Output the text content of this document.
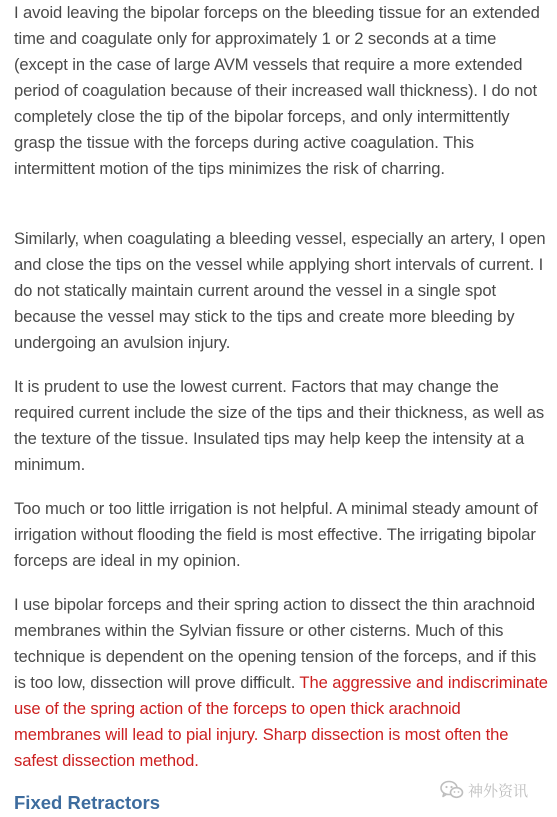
I avoid leaving the bipolar forceps on the bleeding tissue for an extended time and coagulate only for approximately 1 or 2 seconds at a time (except in the case of large AVM vessels that require a more extended period of coagulation because of their increased wall thickness). I do not completely close the tip of the bipolar forceps, and only intermittently grasp the tissue with the forceps during active coagulation. This intermittent motion of the tips minimizes the risk of charring.

Similarly, when coagulating a bleeding vessel, especially an artery, I open and close the tips on the vessel while applying short intervals of current. I do not statically maintain current around the vessel in a single spot because the vessel may stick to the tips and create more bleeding by undergoing an avulsion injury.

It is prudent to use the lowest current. Factors that may change the required current include the size of the tips and their thickness, as well as the texture of the tissue. Insulated tips may help keep the intensity at a minimum.

Too much or too little irrigation is not helpful. A minimal steady amount of irrigation without flooding the field is most effective. The irrigating bipolar forceps are ideal in my opinion.

I use bipolar forceps and their spring action to dissect the thin arachnoid membranes within the Sylvian fissure or other cisterns. Much of this technique is dependent on the opening tension of the forceps, and if this is too low, dissection will prove difficult. The aggressive and indiscriminate use of the spring action of the forceps to open thick arachnoid membranes will lead to pial injury. Sharp dissection is most often the safest dissection method.

Fixed Retractors
神外资讯
